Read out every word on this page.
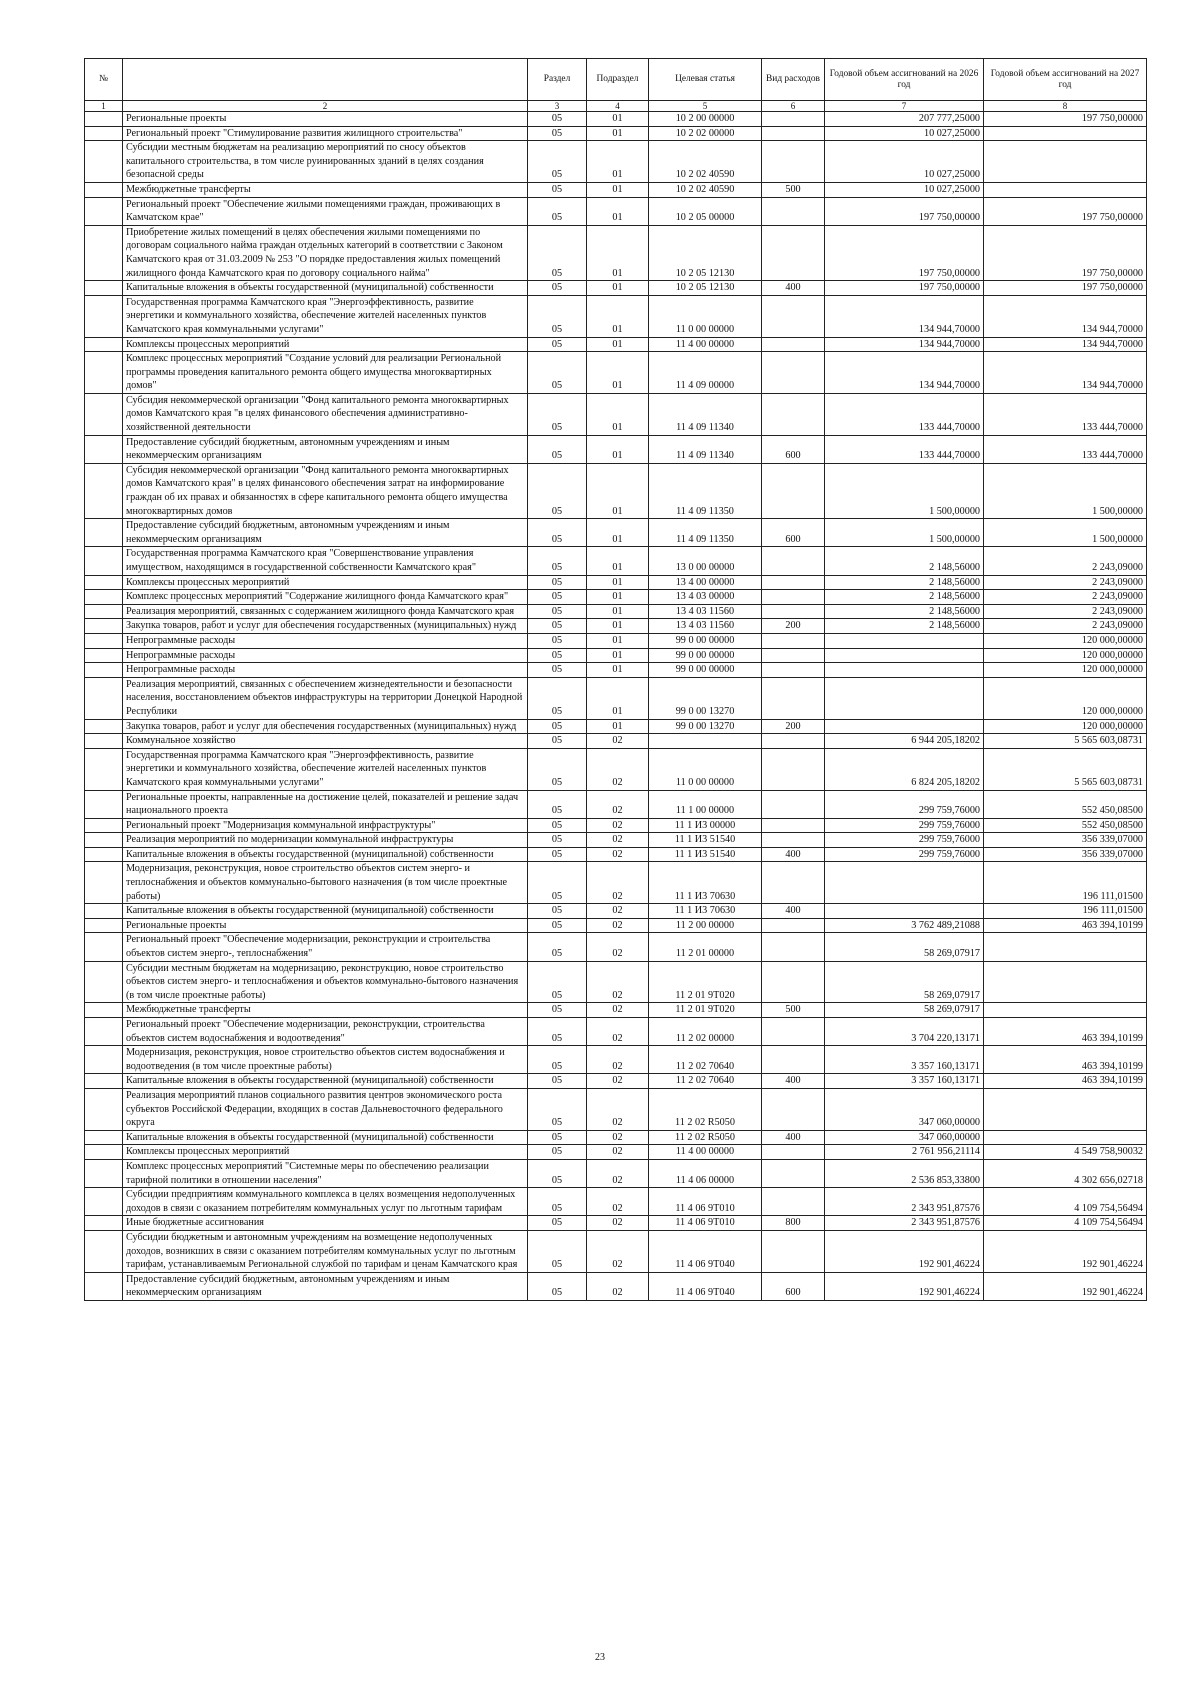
№		Раздел	Подраздел	Целевая статья	Вид расходов	Годовой объем ассигнований на 2026 год	Годовой объем ассигнований на 2027 год
1	2	3	4	5	6	7	8
	Региональные проекты	05	01	10 2 00 00000		207 777,25000	197 750,00000
	Региональный проект "Стимулирование развития жилищного строительства"	05	01	10 2 02 00000		10 027,25000	
	Субсидии местным бюджетам на реализацию мероприятий по сносу объектов капитального строительства, в том числе руинированных зданий в целях создания безопасной среды	05	01	10 2 02 40590		10 027,25000	
	Межбюджетные трансферты	05	01	10 2 02 40590	500	10 027,25000	
	Региональный проект "Обеспечение жилыми помещениями граждан, проживающих в Камчатском крае"	05	01	10 2 05 00000		197 750,00000	197 750,00000
	Приобретение жилых помещений в целях обеспечения жилыми помещениями по договорам социального найма граждан отдельных категорий в соответствии с Законом Камчатского края от 31.03.2009 № 253 "О порядке предоставления жилых помещений жилищного фонда Камчатского края по договору социального найма"	05	01	10 2 05 12130		197 750,00000	197 750,00000
	Капитальные вложения в объекты государственной (муниципальной) собственности	05	01	10 2 05 12130	400	197 750,00000	197 750,00000
	Государственная программа Камчатского края "Энергоэффективность, развитие энергетики и коммунального хозяйства, обеспечение жителей населенных пунктов Камчатского края коммунальными услугами"	05	01	11 0 00 00000		134 944,70000	134 944,70000
	Комплексы процессных мероприятий	05	01	11 4 00 00000		134 944,70000	134 944,70000
	Комплекс процессных мероприятий "Создание условий для реализации Региональной программы проведения капитального ремонта общего имущества многоквартирных домов"	05	01	11 4 09 00000		134 944,70000	134 944,70000
	Субсидия некоммерческой организации "Фонд капитального ремонта многоквартирных домов Камчатского края "в целях финансового обеспечения административно-хозяйственной деятельности	05	01	11 4 09 11340		133 444,70000	133 444,70000
	Предоставление субсидий бюджетным, автономным учреждениям и иным некоммерческим организациям	05	01	11 4 09 11340	600	133 444,70000	133 444,70000
	Субсидия некоммерческой организации "Фонд капитального ремонта многоквартирных домов Камчатского края" в целях финансового обеспечения затрат на информирование граждан об их правах и обязанностях в сфере капитального ремонта общего имущества многоквартирных домов	05	01	11 4 09 11350		1 500,00000	1 500,00000
	Предоставление субсидий бюджетным, автономным учреждениям и иным некоммерческим организациям	05	01	11 4 09 11350	600	1 500,00000	1 500,00000
	Государственная программа Камчатского края "Совершенствование управления имуществом, находящимся в государственной собственности Камчатского края"	05	01	13 0 00 00000		2 148,56000	2 243,09000
	Комплексы процессных мероприятий	05	01	13 4 00 00000		2 148,56000	2 243,09000
	Комплекс процессных мероприятий "Содержание жилищного фонда Камчатского края"	05	01	13 4 03 00000		2 148,56000	2 243,09000
	Реализация мероприятий, связанных с содержанием жилищного фонда Камчатского края	05	01	13 4 03 11560		2 148,56000	2 243,09000
	Закупка товаров, работ и услуг для обеспечения государственных (муниципальных) нужд	05	01	13 4 03 11560	200	2 148,56000	2 243,09000
	Непрограммные расходы	05	01	99 0 00 00000			120 000,00000
	Непрограммные расходы	05	01	99 0 00 00000			120 000,00000
	Непрограммные расходы	05	01	99 0 00 00000			120 000,00000
	Реализация мероприятий, связанных с обеспечением жизнедеятельности и безопасности населения, восстановлением объектов инфраструктуры на территории Донецкой Народной Республики	05	01	99 0 00 13270			120 000,00000
	Закупка товаров, работ и услуг для обеспечения государственных (муниципальных) нужд	05	01	99 0 00 13270	200		120 000,00000
	Коммунальное хозяйство	05	02			6 944 205,18202	5 565 603,08731
	Государственная программа Камчатского края "Энергоэффективность, развитие энергетики и коммунального хозяйства, обеспечение жителей населенных пунктов Камчатского края коммунальными услугами"	05	02	11 0 00 00000		6 824 205,18202	5 565 603,08731
	Региональные проекты, направленные на достижение целей, показателей и решение задач национального проекта	05	02	11 1 00 00000		299 759,76000	552 450,08500
	Региональный проект "Модернизация коммунальной инфраструктуры"	05	02	11 1 И3 00000		299 759,76000	552 450,08500
	Реализация мероприятий по модернизации коммунальной инфраструктуры	05	02	11 1 И3 51540		299 759,76000	356 339,07000
	Капитальные вложения в объекты государственной (муниципальной) собственности	05	02	11 1 И3 51540	400	299 759,76000	356 339,07000
	Модернизация, реконструкция, новое строительство объектов систем энерго- и теплоснабжения и объектов коммунально-бытового назначения (в том числе проектные работы)	05	02	11 1 И3 70630			196 111,01500
	Капитальные вложения в объекты государственной (муниципальной) собственности	05	02	11 1 И3 70630	400		196 111,01500
	Региональные проекты	05	02	11 2 00 00000		3 762 489,21088	463 394,10199
	Региональный проект "Обеспечение модернизации, реконструкции и строительства объектов систем энерго-, теплоснабжения"	05	02	11 2 01 00000		58 269,07917	
	Субсидии местным бюджетам на модернизацию, реконструкцию, новое строительство объектов систем энерго- и теплоснабжения и объектов коммунально-бытового назначения (в том числе проектные работы)	05	02	11 2 01 9Т020		58 269,07917	
	Межбюджетные трансферты	05	02	11 2 01 9Т020	500	58 269,07917	
	Региональный проект "Обеспечение модернизации, реконструкции, строительства объектов систем водоснабжения и водоотведения"	05	02	11 2 02 00000		3 704 220,13171	463 394,10199
	Модернизация, реконструкция, новое строительство объектов систем водоснабжения и водоотведения (в том числе проектные работы)	05	02	11 2 02 70640		3 357 160,13171	463 394,10199
	Капитальные вложения в объекты государственной (муниципальной) собственности	05	02	11 2 02 70640	400	3 357 160,13171	463 394,10199
	Реализация мероприятий планов социального развития центров экономического роста субъектов Российской Федерации, входящих в состав Дальневосточного федерального округа	05	02	11 2 02 R5050		347 060,00000	
	Капитальные вложения в объекты государственной (муниципальной) собственности	05	02	11 2 02 R5050	400	347 060,00000	
	Комплексы процессных мероприятий	05	02	11 4 00 00000		2 761 956,21114	4 549 758,90032
	Комплекс процессных мероприятий "Системные меры по обеспечению реализации тарифной политики в отношении населения"	05	02	11 4 06 00000		2 536 853,33800	4 302 656,02718
	Субсидии предприятиям коммунального комплекса в целях возмещения недополученных доходов в связи с оказанием потребителям коммунальных услуг по льготным тарифам	05	02	11 4 06 9Т010		2 343 951,87576	4 109 754,56494
	Иные бюджетные ассигнования	05	02	11 4 06 9Т010	800	2 343 951,87576	4 109 754,56494
	Субсидии бюджетным и автономным учреждениям на возмещение недополученных доходов, возникших в связи с оказанием потребителям коммунальных услуг по льготным тарифам, устанавливаемым Региональной службой по тарифам и ценам Камчатского края	05	02	11 4 06 9Т040		192 901,46224	192 901,46224
	Предоставление субсидий бюджетным, автономным учреждениям и иным некоммерческим организациям	05	02	11 4 06 9Т040	600	192 901,46224	192 901,46224
23
